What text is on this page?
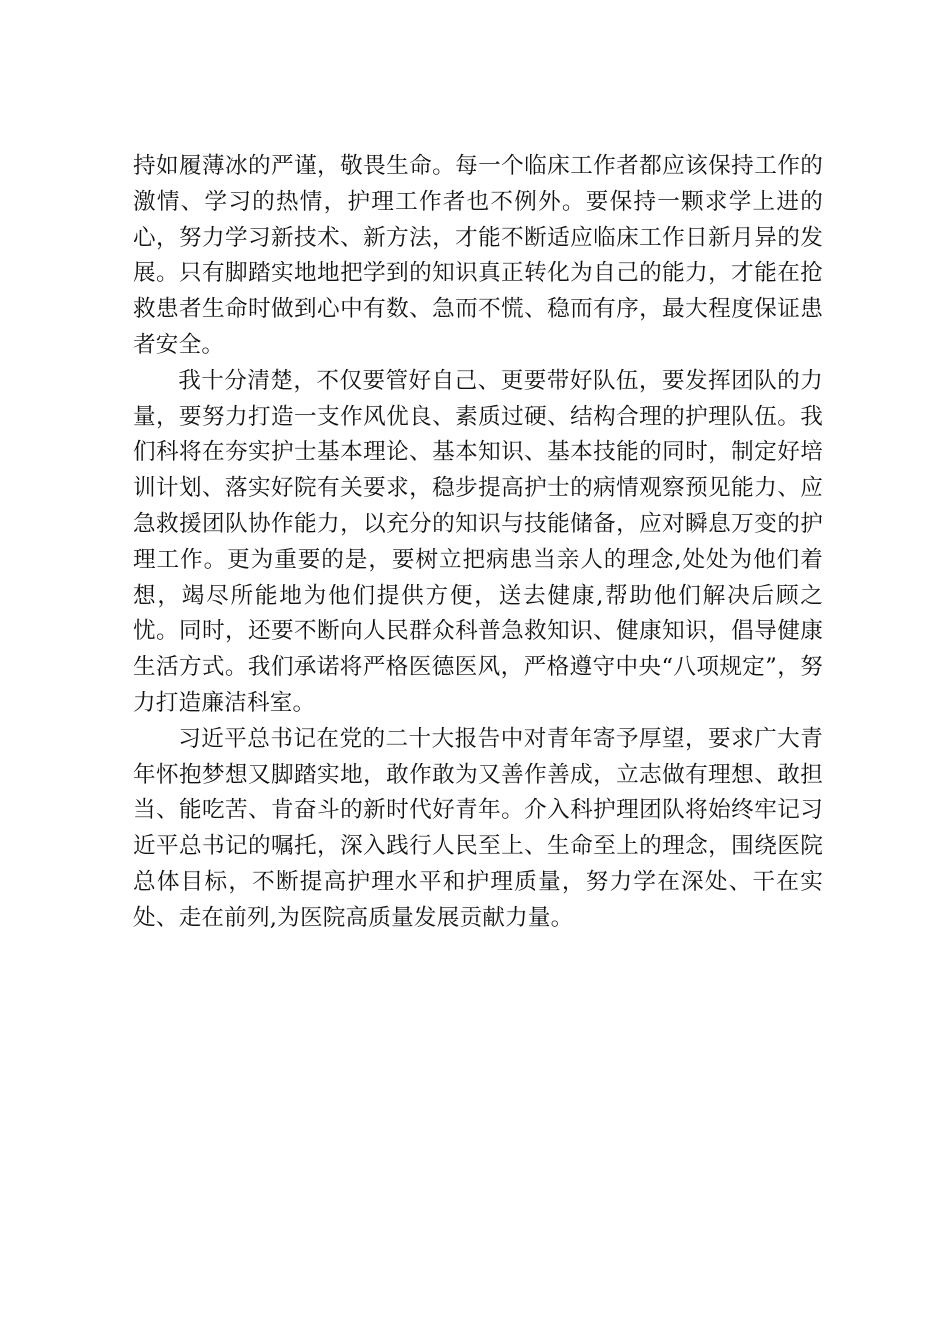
持如履薄冰的严谨，敬畏生命。每一个临床工作者都应该保持工作的激情、学习的热情，护理工作者也不例外。要保持一颗求学上进的心，努力学习新技术、新方法，才能不断适应临床工作日新月异的发展。只有脚踏实地地把学到的知识真正转化为自己的能力，才能在抢救患者生命时做到心中有数、急而不慌、稳而有序，最大程度保证患者安全。

我十分清楚，不仅要管好自己、更要带好队伍，要发挥团队的力量，要努力打造一支作风优良、素质过硬、结构合理的护理队伍。我们科将在夯实护士基本理论、基本知识、基本技能的同时，制定好培训计划、落实好院有关要求，稳步提高护士的病情观察预见能力、应急救援团队协作能力，以充分的知识与技能储备，应对瞬息万变的护理工作。更为重要的是，要树立把病患当亲人的理念,处处为他们着想，竭尽所能地为他们提供方便，送去健康,帮助他们解决后顾之忧。同时，还要不断向人民群众科普急救知识、健康知识，倡导健康生活方式。我们承诺将严格医德医风，严格遵守中央“八项规定”，努力打造廉洁科室。

习近平总书记在党的二十大报告中对青年寄予厚望，要求广大青年怀抱梦想又脚踏实地，敢作敢为又善作善成，立志做有理想、敢担当、能吃苦、肯奋斗的新时代好青年。介入科护理团队将始终牢记习近平总书记的嘱托，深入践行人民至上、生命至上的理念，围绕医院总体目标，不断提高护理水平和护理质量，努力学在深处、干在实处、走在前列,为医院高质量发展贡献力量。
